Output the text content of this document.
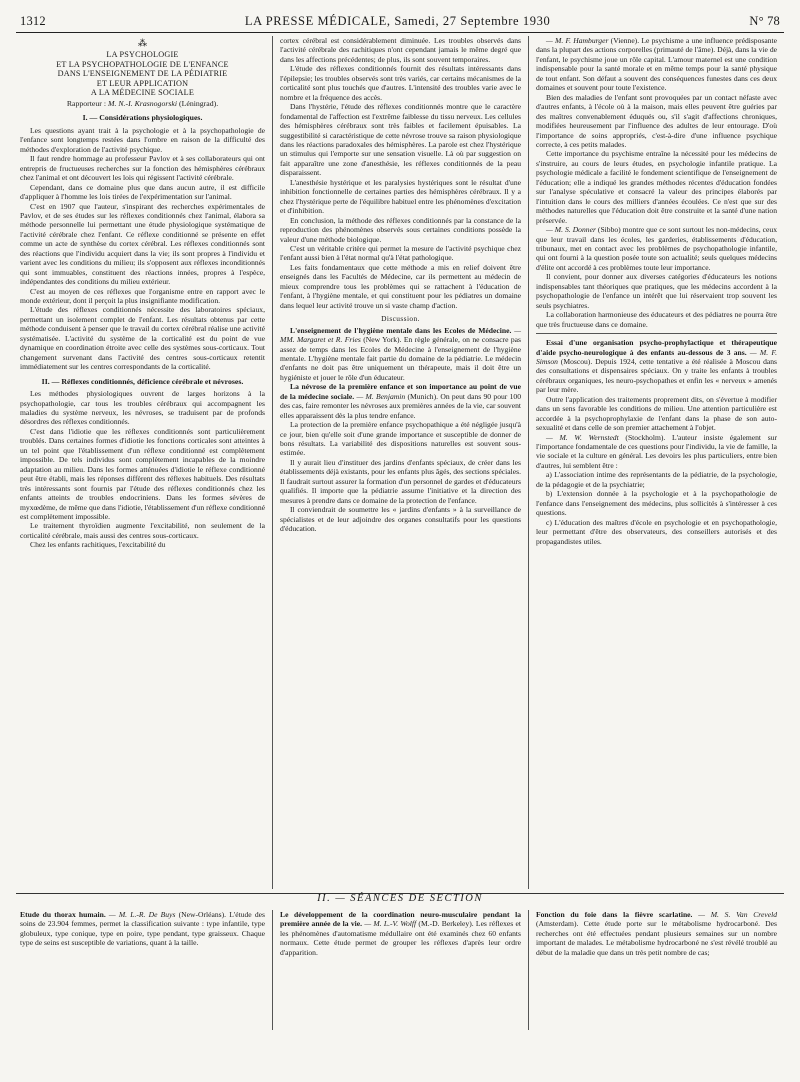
1312	LA PRESSE MÉDICALE, Samedi, 27 Septembre 1930	N° 78
⁂
LA PSYCHOLOGIE
ET LA PSYCHOPATHOLOGIE DE L'ENFANCE
DANS L'ENSEIGNEMENT DE LA PÉDIATRIE
ET LEUR APPLICATION
A LA MÉDECINE SOCIALE
Rapporteur : M. N.-I. Krasnogorski (Léningrad).
I. — Considérations physiologiques.

Les questions ayant trait à la psychologie et à la psychopathologie de l'enfance sont longtemps restées dans l'ombre en raison de la difficulté des méthodes d'exploration de l'activité psychique.

Il faut rendre hommage au professeur Pavlov et à ses collaborateurs qui ont entrepris de fructueuses recherches sur la fonction des hémisphères cérébraux chez l'animal et ont découvert les lois qui régissent l'activité cérébrale.

Cependant, dans ce domaine plus que dans aucun autre, il est difficile d'appliquer à l'homme les lois tirées de l'expérimentation sur l'animal.

C'est en 1907 que l'auteur, s'inspirant des recherches expérimentales de Pavlov, et de ses études sur les réflexes conditionnés chez l'animal, élabora sa méthode personnelle lui permettant une étude physiologique systématique de l'activité cérébrale chez l'enfant. Ce réflexe conditionné se présente en effet comme un acte de synthèse du cortex cérébral. Les réflexes conditionnés sont des réactions que l'individu acquiert dans la vie; ils sont propres à l'individu et varient avec les conditions du milieu; ils s'opposent aux réflexes inconditionnés qui sont immuables, constituent des réactions innées, propres à l'espèce, indépendantes des conditions du milieu extérieur.

C'est au moyen de ces réflexes que l'organisme entre en rapport avec le monde extérieur, dont il perçoit la plus insignifiante modification.

L'étude des réflexes conditionnés nécessite des laboratoires spéciaux, permettant un isolement complet de l'enfant. Les résultats obtenus par cette méthode conduisent à penser que le travail du cortex cérébral réalise une activité systématisée. L'activité du système de la corticalité est du point de vue dynamique en coordination étroite avec celle des systèmes sous-corticaux. Tout changement survenant dans l'activité des centres sous-corticaux retentit immédiatement sur les centres correspondants de la corticalité.

II. — Réflexes conditionnés, déficience cérébrale et névroses.

Les méthodes physiologiques ouvrent de larges horizons à la psychopathologie, car tous les troubles cérébraux qui accompagnent les maladies du système nerveux, les névroses, se traduisent par de profonds désordres des réflexes conditionnés.

C'est dans l'idiotie que les réflexes conditionnés sont particulièrement troublés. Dans certaines formes d'idiotie les fonctions corticales sont atteintes à un tel point que l'établissement d'un réflexe conditionné est complètement impossible. De tels individus sont complètement incapables de la moindre adaptation au milieu. Dans les formes atténuées d'idiotie le réflexe conditionné peut être établi, mais les réponses diffèrent des réflexes habituels. Des résultats très intéressants sont fournis par l'étude des réflexes conditionnés chez les enfants atteints de troubles endocriniens. Dans les formes sévères de myxœdème, de même que dans l'idiotie, l'établissement d'un réflexe conditionné est complètement impossible.

Le traitement thyroïdien augmente l'excitabilité, non seulement de la corticalité cérébrale, mais aussi des centres sous-corticaux.

Chez les enfants rachitiques, l'excitabilité du

cortex cérébral est considérablement diminuée. Les troubles observés dans l'activité cérébrale des rachitiques n'ont cependant jamais le même degré que dans les affections précédentes; de plus, ils sont souvent temporaires.

L'étude des réflexes conditionnés fournit des résultats intéressants dans l'épilepsie; les troubles observés sont très variés, car certains mécanismes de la corticalité sont plus touchés que d'autres. L'intensité des troubles varie avec le nombre et la fréquence des accès.

Dans l'hystérie, l'étude des réflexes conditionnés montre que le caractère fondamental de l'affection est l'extrême faiblesse du tissu nerveux. Les cellules des hémisphères cérébraux sont très faibles et facilement épuisables. La suggestibilité si caractéristique de cette névrose trouve sa raison physiologique dans les réactions paradoxales des hémisphères. La parole est chez l'hystérique un stimulus qui l'emporte sur une sensation visuelle. Là où par suggestion on fait apparaître une zone d'anesthésie, les réflexes conditionnés de la peau disparaissent.

L'anesthésie hystérique et les paralysies hystériques sont le résultat d'une inhibition fonctionnelle de certaines parties des hémisphères cérébraux. Il y a chez l'hystérique perte de l'équilibre habituel entre les phénomènes d'excitation et d'inhibition.

En conclusion, la méthode des réflexes conditionnés par la constance de la reproduction des phénomènes observés sous certaines conditions possède la valeur d'une méthode biologique.

C'est un véritable critère qui permet la mesure de l'activité psychique chez l'enfant aussi bien à l'état normal qu'à l'état pathologique.

Les faits fondamentaux que cette méthode a mis en relief doivent être enseignés dans les Facultés de Médecine, car ils permettent au médecin de mieux comprendre tous les problèmes qui se rattachent à l'éducation de l'enfant, à l'hygiène mentale, et qui constituent pour les pédiatres un domaine dans lequel leur activité trouve un si vaste champ d'action.

Discussion.

L'enseignement de l'hygiène mentale dans les Ecoles de Médecine. — MM. Margaret et R. Fries (New York). En règle générale, on ne consacre pas assez de temps dans les Ecoles de Médecine à l'enseignement de l'hygiène mentale. L'hygiène mentale fait partie du domaine de la pédiatrie. Le médecin d'enfants ne doit pas être uniquement un thérapeute, mais il doit être un hygiéniste et jouer le rôle d'un éducateur.

La névrose de la première enfance et son importance au point de vue de la médecine sociale. — M. Benjamin (Munich). On peut dans 90 pour 100 des cas, faire remonter les névroses aux premières années de la vie, car souvent elles apparaissent dès la plus tendre enfance.

La protection de la première enfance psychopathique a été négligée jusqu'à ce jour, bien qu'elle soit d'une grande importance et susceptible de donner de bons résultats. La variabilité des dispositions naturelles est souvent sous-estimée.

Il y aurait lieu d'instituer des jardins d'enfants spéciaux, de créer dans les établissements déjà existants, pour les enfants plus âgés, des sections spéciales. Il faudrait surtout assurer la formation d'un personnel de gardes et d'éducateurs qualifiés. Il importe que la pédiatrie assume l'initiative et la direction des mesures à prendre dans ce domaine de la protection de l'enfance.

Il conviendrait de soumettre les « jardins d'enfants » à la surveillance de spécialistes et de leur adjoindre des organes consultatifs pour les questions d'éducation.

— M. F. Hamburger (Vienne). Le psychisme a une influence prédisposante dans la plupart des actions corporelles (primauté de l'âme). Déjà, dans la vie de l'enfant, le psychisme joue un rôle capital. L'amour maternel est une condition indispensable pour la santé morale et en même temps pour la santé physique de tout enfant. Son défaut a souvent des conséquences funestes dans ces deux domaines et souvent pour toute l'existence.

Bien des maladies de l'enfant sont provoquées par un contact néfaste avec d'autres enfants, à l'école où à la maison, mais elles peuvent être guéries par des maîtres convenablement éduqués ou, s'il s'agit d'affections chroniques, modifiées heureusement par l'influence des adultes de leur entourage. D'où l'importance de soins appropriés, c'est-à-dire d'une influence psychique correcte, à ces petits malades.

Cette importance du psychisme entraîne la nécessité pour les médecins de s'instruire, au cours de leurs études, en psychologie infantile pratique. La psychologie médicale a facilité le fondement scientifique de l'enseignement de l'éducation; elle a indiqué les grandes méthodes récentes d'éducation fondées sur l'analyse spéculative et consacré la valeur des principes élaborés par l'intuition dans le cours des milliers d'années écoulées. Ce n'est que sur des méthodes naturelles que l'éducation doit être construite et la santé d'une nation préservée.

— M. S. Donner (Sibbo) montre que ce sont surtout les non-médecins, ceux que leur travail dans les écoles, les garderies, établissements d'éducation, tribunaux, met en contact avec les problèmes de psychopathologie infantile, qui ont fourni à la question posée toute son actualité; seuls quelques médecins d'élite ont accordé à ces problèmes toute leur importance.

Il convient, pour donner aux diverses catégories d'éducateurs les notions indispensables tant théoriques que pratiques, que les médecins accordent à la psychopathologie de l'enfance un intérêt que lui réservaient trop souvent les seuls psychiatres.

La collaboration harmonieuse des éducateurs et des pédiatres ne pourra être que très fructueuse dans ce domaine.

Essai d'une organisation psycho-prophylactique et thérapeutique d'aide psycho-neurologique à des enfants au-dessous de 3 ans. — M. F. Simson (Moscou). Depuis 1924, cette tentative a été réalisée à Moscou dans des consultations et dispensaires spéciaux. On y traite les enfants à troubles cérébraux organiques, les neuro-psychopathes et enfin les « nerveux » amenés par leur mère.

Outre l'application des traitements proprement dits, on s'évertue à modifier dans un sens favorable les conditions de milieu. Une attention particulière est accordée à la psychoprophylaxie de l'enfant dans la phase de son auto-sexualité et dans celle de son premier attachement à l'objet.

— M. W. Wernstedt (Stockholm). L'auteur insiste également sur l'importance fondamentale de ces questions pour l'individu, la vie de famille, la vie sociale et la culture en général. Les devoirs les plus particuliers, entre bien d'autres, lui semblent être :

a) L'association intime des représentants de la pédiatrie, de la psychologie, de la pédagogie et de la psychiatrie;

b) L'extension donnée à la psychologie et à la psychopathologie de l'enfance dans l'enseignement des médecins, plus sollicités à s'intéresser à ces questions.

c) L'éducation des maîtres d'école en psychologie et en psychopathologie, leur permettant d'être des observateurs, des conseillers autorisés et des propagandistes utiles.

II. — SÉANCES DE SECTION

Etude du thorax humain. — M. L.-R. De Buys (New-Orléans). L'étude des soins de 23.904 femmes, permet la classification suivante : type infantile, type globuleux, type conique, type en poire, type pendant, type graisseux. Chaque type de seins est susceptible de variations, quant à la taille.

Le développement de la coordination neuro-musculaire pendant la première année de la vie. — M. L.-V. Wolff (M.-D. Berkeley). Les réflexes et les phénomènes d'automatisme médullaire ont été examinés chez 60 enfants normaux. Cette étude permet de grouper les réflexes d'après leur ordre d'apparition.

Fonction du foie dans la fièvre scarlatine. — M. S. Van Creveld (Amsterdam). Cette étude porte sur le métabolisme hydrocarboné. Des recherches ont été effectuées pendant plusieurs semaines sur un nombre important de malades. Le métabolisme hydrocarboné ne s'est révélé troublé au début de la maladie que dans un très petit nombre de cas;
